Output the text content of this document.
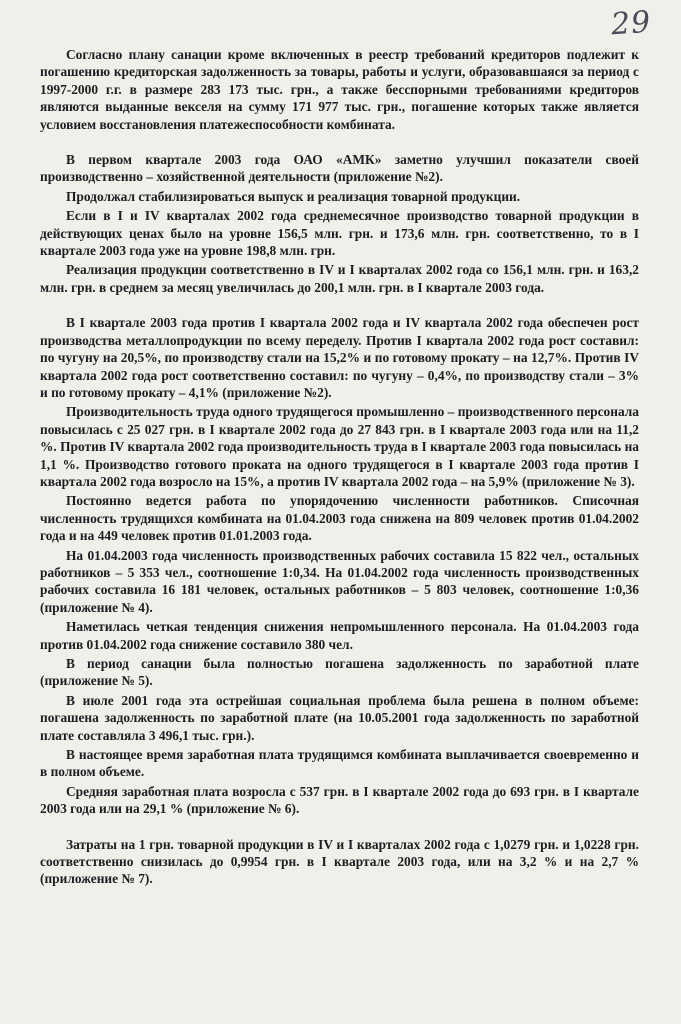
29

Согласно плану санации кроме включенных в реестр требований кредиторов подлежит к погашению кредиторская задолженность за товары, работы и услуги, образовавшаяся за период с 1997-2000 г.г. в размере 283 173 тыс. грн., а также бесспорными требованиями кредиторов являются выданные векселя на сумму 171 977 тыс. грн., погашение которых также является условием восстановления платежеспособности комбината.

В первом квартале 2003 года ОАО «АМК» заметно улучшил показатели своей производственно – хозяйственной деятельности (приложение №2).

Продолжал стабилизироваться выпуск и реализация товарной продукции.

Если в I и IV кварталах 2002 года среднемесячное производство товарной продукции в действующих ценах было на уровне 156,5 млн. грн. и 173,6 млн. грн. соответственно, то в I квартале 2003 года уже на уровне 198,8 млн. грн.

Реализация продукции соответственно в IV и I кварталах 2002 года со 156,1 млн. грн. и 163,2 млн. грн. в среднем за месяц увеличилась до 200,1 млн. грн. в I квартале 2003 года.

В I квартале 2003 года против I квартала 2002 года и IV квартала 2002 года обеспечен рост производства металлопродукции по всему переделу. Против I квартала 2002 года рост составил: по чугуну на 20,5%, по производству стали на 15,2% и по готовому прокату – на 12,7%. Против IV квартала 2002 года рост соответственно составил: по чугуну – 0,4%, по производству стали – 3% и по готовому прокату – 4,1% (приложение №2).

Производительность труда одного трудящегося промышленно – производственного персонала повысилась с 25 027 грн. в I квартале 2002 года до 27 843 грн. в I квартале 2003 года или на 11,2 %. Против IV квартала 2002 года производительность труда в I квартале 2003 года повысилась на 1,1 %. Производство готового проката на одного трудящегося в I квартале 2003 года против I квартала 2002 года возросло на 15%, а против IV квартала 2002 года – на 5,9% (приложение № 3).

Постоянно ведется работа по упорядочению численности работников. Списочная численность трудящихся комбината на 01.04.2003 года снижена на 809 человек против 01.04.2002 года и на 449 человек против 01.01.2003 года.

На 01.04.2003 года численность производственных рабочих составила 15 822 чел., остальных работников – 5 353 чел., соотношение 1:0,34. На 01.04.2002 года численность производственных рабочих составила 16 181 человек, остальных работников – 5 803 человек, соотношение 1:0,36 (приложение № 4).

Наметилась четкая тенденция снижения непромышленного персонала. На 01.04.2003 года против 01.04.2002 года снижение составило 380 чел.

В период санации была полностью погашена задолженность по заработной плате (приложение № 5).

В июле 2001 года эта острейшая социальная проблема была решена в полном объеме: погашена задолженность по заработной плате (на 10.05.2001 года задолженность по заработной плате составляла 3 496,1 тыс. грн.).

В настоящее время заработная плата трудящимся комбината выплачивается своевременно и в полном объеме.

Средняя заработная плата возросла с 537 грн. в I квартале 2002 года до 693 грн. в I квартале 2003 года или на 29,1 % (приложение № 6).

Затраты на 1 грн. товарной продукции в IV и I кварталах 2002 года с 1,0279 грн. и 1,0228 грн. соответственно снизилась до 0,9954 грн. в I квартале 2003 года, или на 3,2 % и на 2,7 % (приложение № 7).
